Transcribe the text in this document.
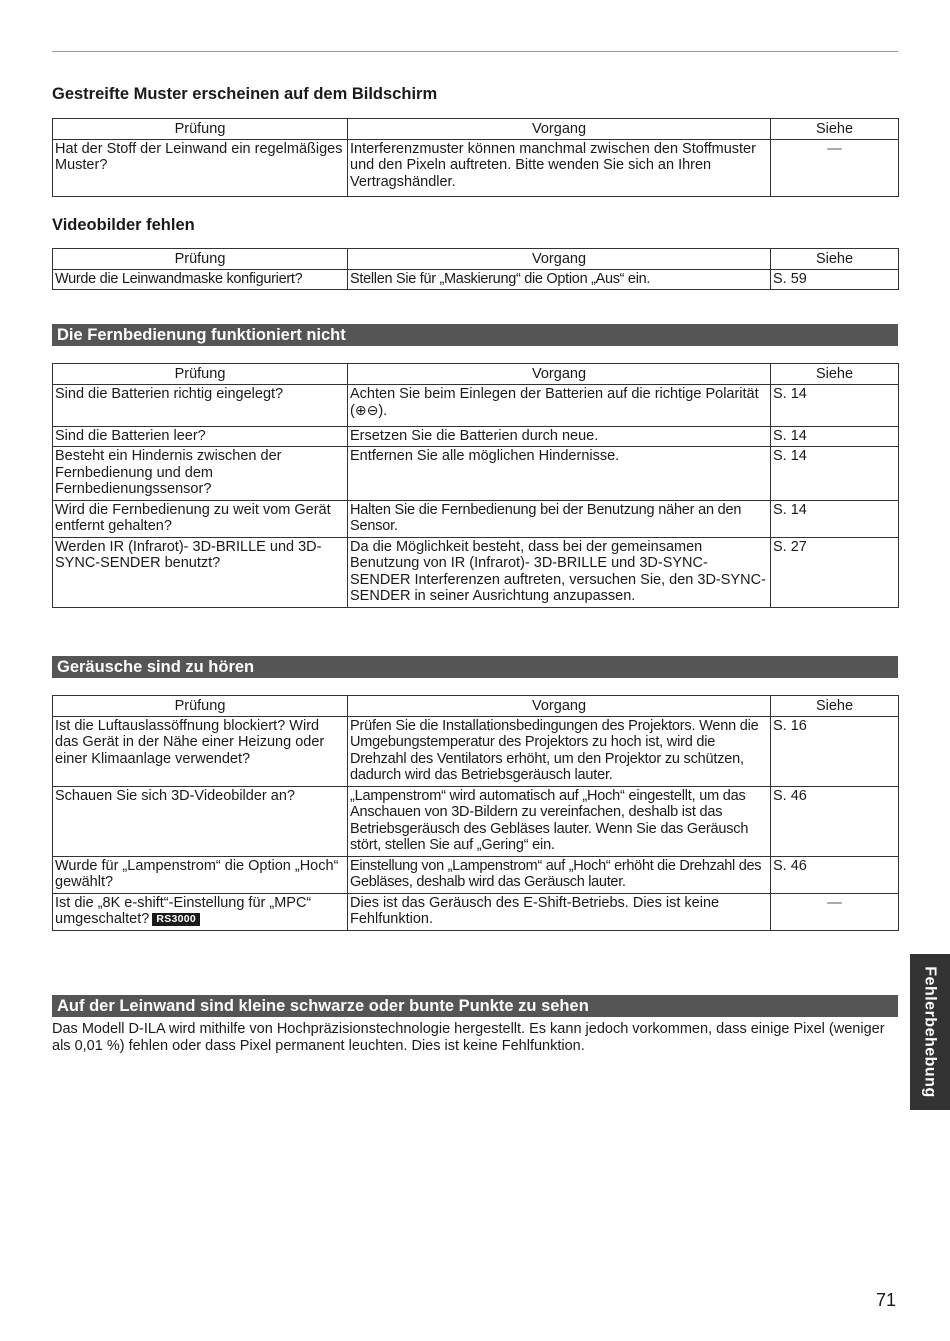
Gestreifte Muster erscheinen auf dem Bildschirm
Prüfung	Vorgang	Siehe
Hat der Stoff der Leinwand ein regelmäßiges Muster?	Interferenzmuster können manchmal zwischen den Stoffmuster und den Pixeln auftreten. Bitte wenden Sie sich an Ihren Vertragshändler.	—
Videobilder fehlen
Prüfung	Vorgang	Siehe
Wurde die Leinwandmaske konfiguriert?	Stellen Sie für „Maskierung“ die Option „Aus“ ein.	S. 59
Die Fernbedienung funktioniert nicht
Prüfung	Vorgang	Siehe
Sind die Batterien richtig eingelegt?	Achten Sie beim Einlegen der Batterien auf die richtige Polarität (⊕⊖).	S. 14
Sind die Batterien leer?	Ersetzen Sie die Batterien durch neue.	S. 14
Besteht ein Hindernis zwischen der Fernbedienung und dem Fernbedienungssensor?	Entfernen Sie alle möglichen Hindernisse.	S. 14
Wird die Fernbedienung zu weit vom Gerät entfernt gehalten?	Halten Sie die Fernbedienung bei der Benutzung näher an den Sensor.	S. 14
Werden IR (Infrarot)- 3D-BRILLE und 3D-SYNC-SENDER benutzt?	Da die Möglichkeit besteht, dass bei der gemeinsamen Benutzung von IR (Infrarot)- 3D-BRILLE und 3D-SYNC-SENDER Interferenzen auftreten, versuchen Sie, den 3D-SYNC-SENDER in seiner Ausrichtung anzupassen.	S. 27
Geräusche sind zu hören
Prüfung	Vorgang	Siehe
Ist die Luftauslassöffnung blockiert? Wird das Gerät in der Nähe einer Heizung oder einer Klimaanlage verwendet?	Prüfen Sie die Installationsbedingungen des Projektors. Wenn die Umgebungstemperatur des Projektors zu hoch ist, wird die Drehzahl des Ventilators erhöht, um den Projektor zu schützen, dadurch wird das Betriebsgeräusch lauter.	S. 16
Schauen Sie sich 3D-Videobilder an?	„Lampenstrom“ wird automatisch auf „Hoch“ eingestellt, um das Anschauen von 3D-Bildern zu vereinfachen, deshalb ist das Betriebsgeräusch des Gebläses lauter. Wenn Sie das Geräusch stört, stellen Sie auf „Gering“ ein.	S. 46
Wurde für „Lampenstrom“ die Option „Hoch“ gewählt?	Einstellung von „Lampenstrom“ auf „Hoch“ erhöht die Drehzahl des Gebläses, deshalb wird das Geräusch lauter.	S. 46
Ist die „8K e-shift“-Einstellung für „MPC“ umgeschaltet? RS3000	Dies ist das Geräusch des E-Shift-Betriebs. Dies ist keine Fehlfunktion.	—
Auf der Leinwand sind kleine schwarze oder bunte Punkte zu sehen

Das Modell D-ILA wird mithilfe von Hochpräzisionstechnologie hergestellt. Es kann jedoch vorkommen, dass einige Pixel (weniger als 0,01 %) fehlen oder dass Pixel permanent leuchten. Dies ist keine Fehlfunktion.	Fehlerbehebung
71
